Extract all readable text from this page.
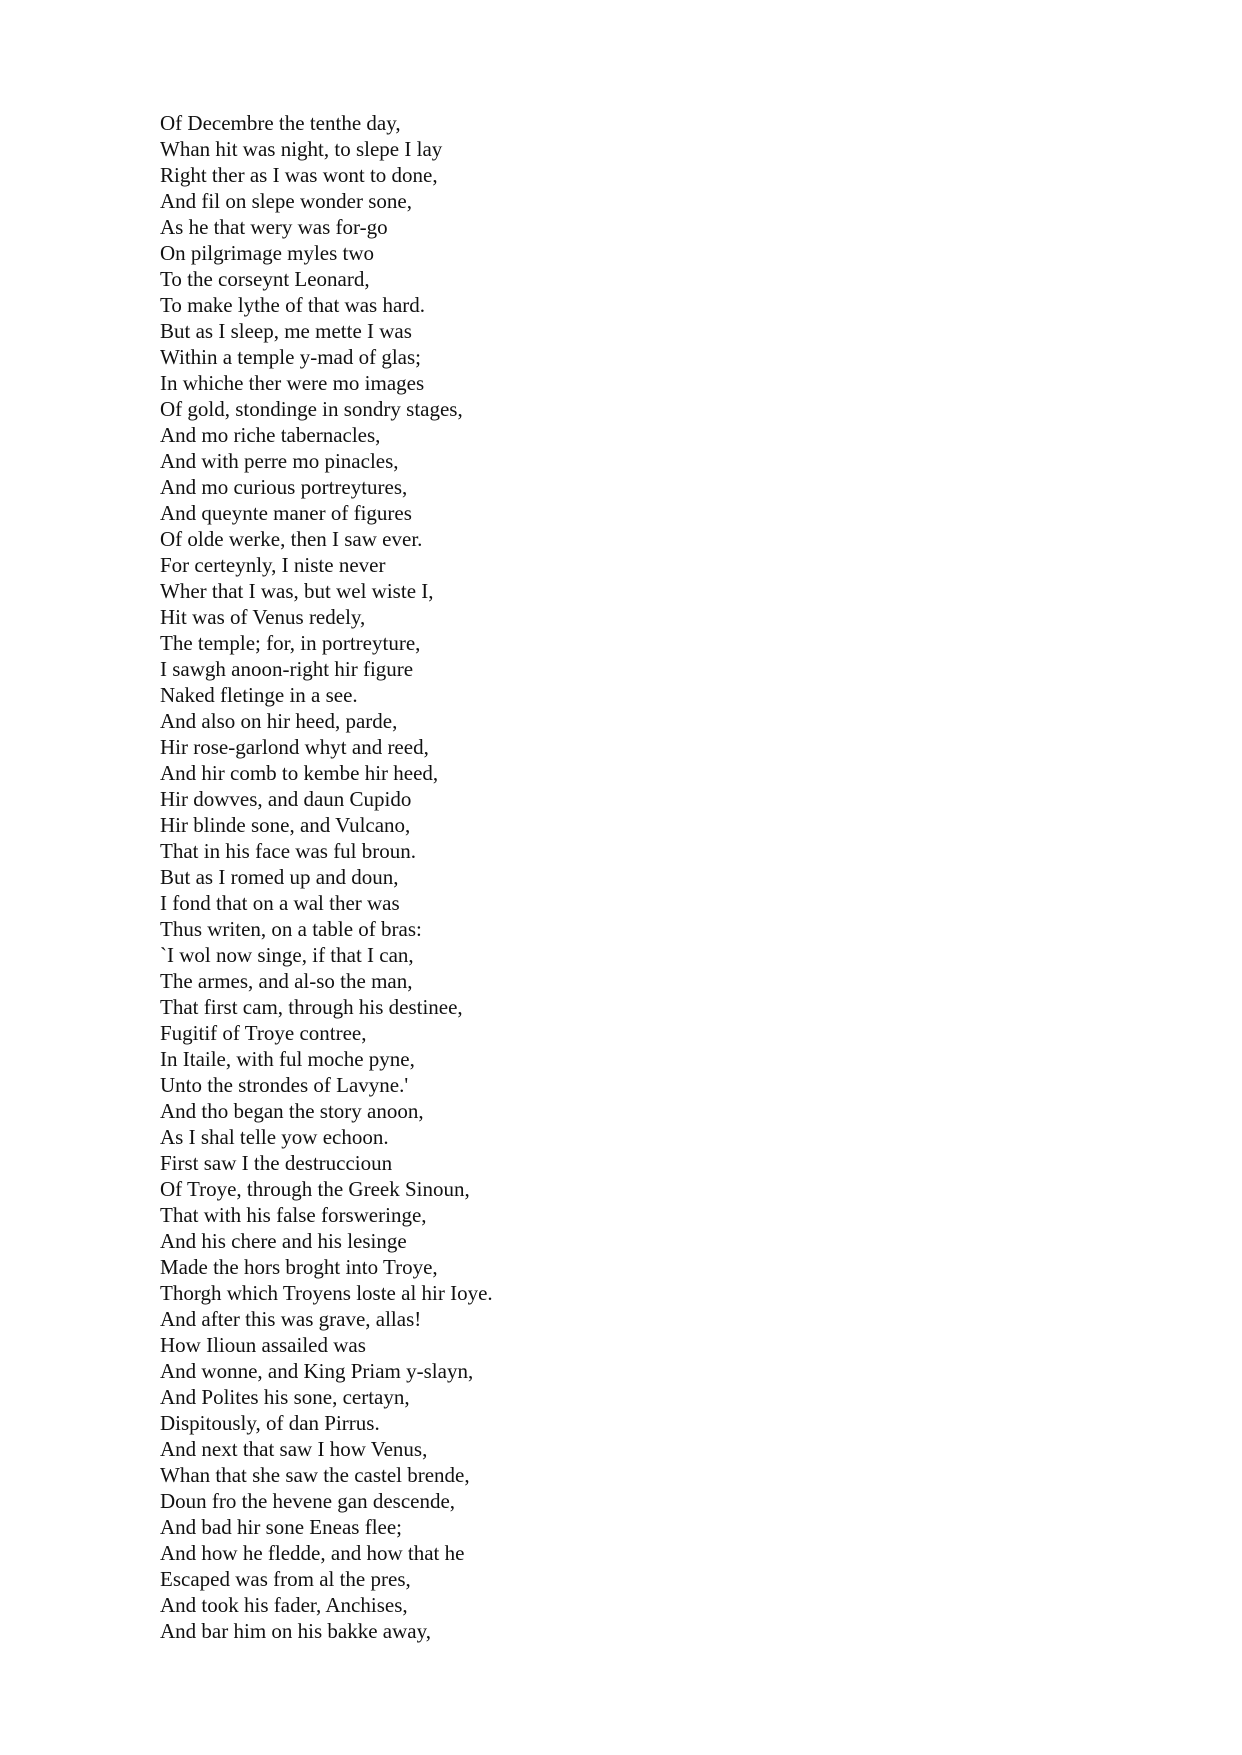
Of Decembre the tenthe day,
Whan hit was night, to slepe I lay
Right ther as I was wont to done,
And fil on slepe wonder sone,
As he that wery was for-go
On pilgrimage myles two
To the corseynt Leonard,
To make lythe of that was hard.
But as I sleep, me mette I was
Within a temple y-mad of glas;
In whiche ther were mo images
Of gold, stondinge in sondry stages,
And mo riche tabernacles,
And with perre mo pinacles,
And mo curious portreytures,
And queynte maner of figures
Of olde werke, then I saw ever.
For certeynly, I niste never
Wher that I was, but wel wiste I,
Hit was of Venus redely,
The temple; for, in portreyture,
I sawgh anoon-right hir figure
Naked fletinge in a see.
And also on hir heed, parde,
Hir rose-garlond whyt and reed,
And hir comb to kembe hir heed,
Hir dowves, and daun Cupido
Hir blinde sone, and Vulcano,
That in his face was ful broun.
But as I romed up and doun,
I fond that on a wal ther was
Thus writen, on a table of bras:
`I wol now singe, if that I can,
The armes, and al-so the man,
That first cam, through his destinee,
Fugitif of Troye contree,
In Itaile, with ful moche pyne,
Unto the strondes of Lavyne.'
And tho began the story anoon,
As I shal telle yow echoon.
First saw I the destruccioun
Of Troye, through the Greek Sinoun,
That with his false forsweringe,
And his chere and his lesinge
Made the hors broght into Troye,
Thorgh which Troyens loste al hir Ioye.
And after this was grave, allas!
How Ilioun assailed was
And wonne, and King Priam y-slayn,
And Polites his sone, certayn,
Dispitously, of dan Pirrus.
And next that saw I how Venus,
Whan that she saw the castel brende,
Doun fro the hevene gan descende,
And bad hir sone Eneas flee;
And how he fledde, and how that he
Escaped was from al the pres,
And took his fader, Anchises,
And bar him on his bakke away,
